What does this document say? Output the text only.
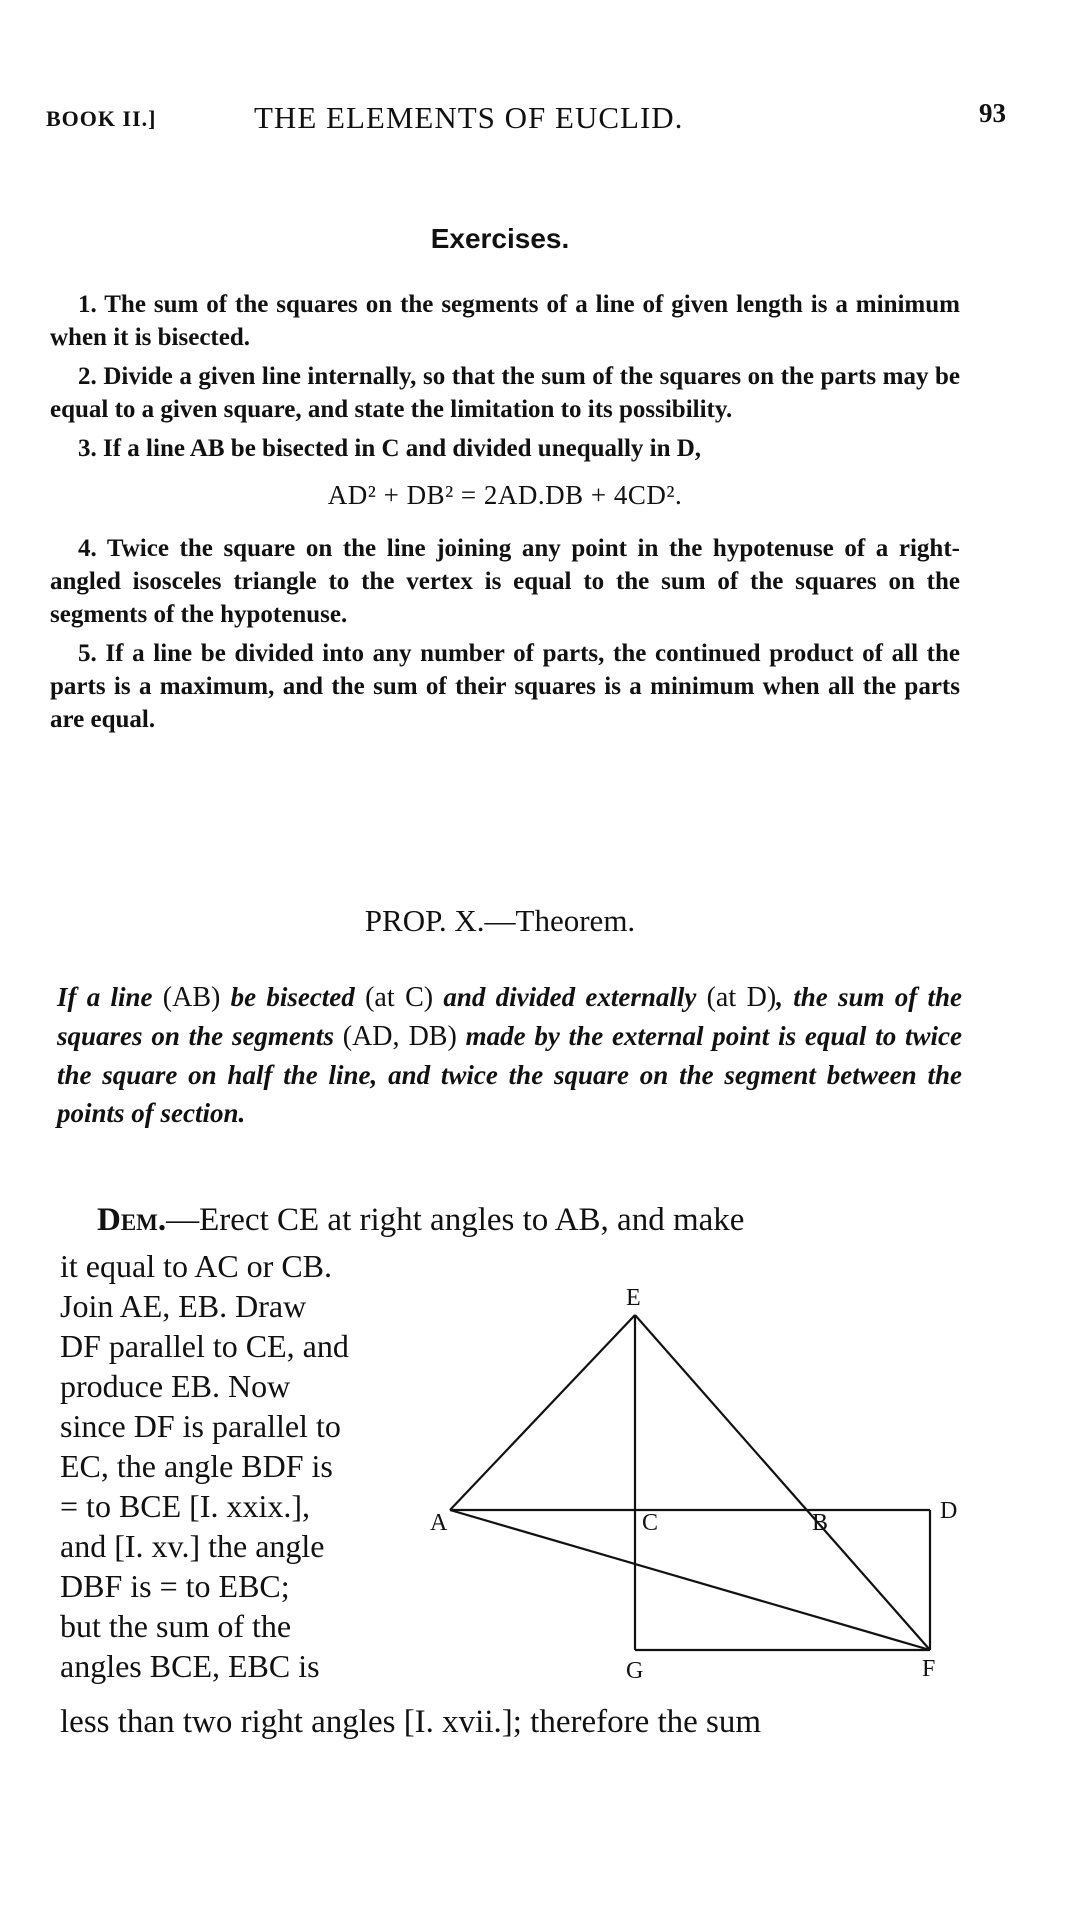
BOOK II.]	THE ELEMENTS OF EUCLID.	93
Exercises.

1. The sum of the squares on the segments of a line of given length is a minimum when it is bisected.

2. Divide a given line internally, so that the sum of the squares on the parts may be equal to a given square, and state the limitation to its possibility.

3. If a line AB be bisected in C and divided unequally in D,

AD² + DB² = 2AD.DB + 4CD².

4. Twice the square on the line joining any point in the hypotenuse of a right-angled isosceles triangle to the vertex is equal to the sum of the squares on the segments of the hypotenuse.

5. If a line be divided into any number of parts, the continued product of all the parts is a maximum, and the sum of their squares is a minimum when all the parts are equal.

PROP. X.—Theorem.
If a line (AB) be bisected (at C) and divided externally (at D), the sum of the squares on the segments (AD, DB) made by the external point is equal to twice the square on half the line, and twice the square on the segment between the points of section.
Dem.—Erect CE at right angles to AB, and make
it equal to AC or CB.
Join AE, EB. Draw
DF parallel to CE, and
produce EB. Now
since DF is parallel to
EC, the angle BDF is
= to BCE [I. xxix.],
and [I. xv.] the angle
DBF is = to EBC;
but the sum of the
angles BCE, EBC is
E
A	C	B	D
G	F
less than two right angles [I. xvii.]; therefore the sum
